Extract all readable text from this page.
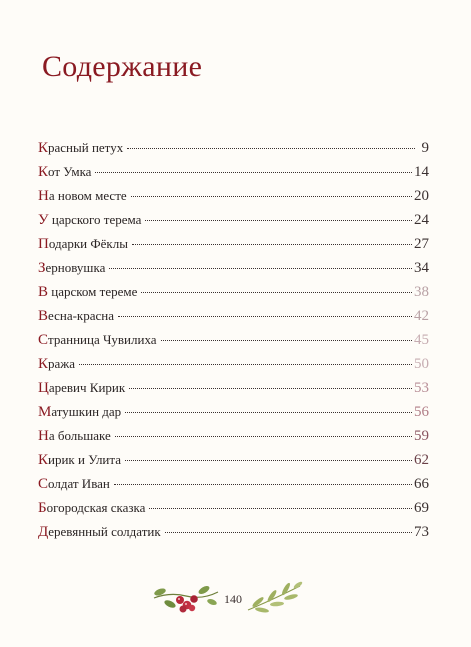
Содержание
Красный петух	9
Кот Умка	14
На новом месте	20
У царского терема	24
Подарки Фёклы	27
Зерновушка	34
В царском тереме	38
Весна-красна	42
Странница Чувилиха	45
Кража	50
Царевич Кирик	53
Матушкин дар	56
На большаке	59
Кирик и Улита	62
Солдат Иван	66
Богородская сказка	69
Деревянный солдатик	73
140
